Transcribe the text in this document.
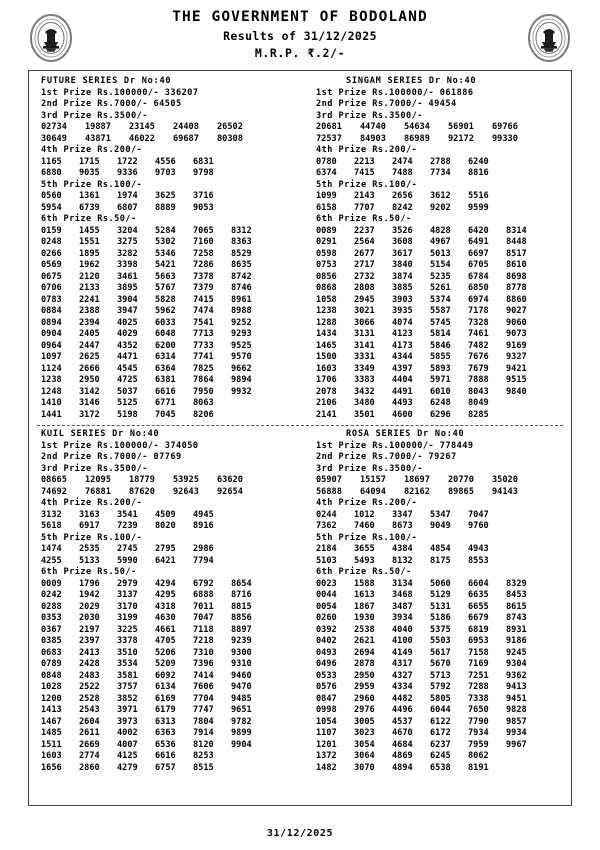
THE GOVERNMENT OF BODOLAND
Results of 31/12/2025
M.R.P. ₹.2/-
FUTURE SERIES Dr No:40
1st Prize Rs.100000/- 336207
2nd Prize Rs.7000/- 64505
3rd Prize Rs.3500/-
02734 19887 23145 24408 26502
30649 43871 46022 69687 80308
4th Prize Rs.200/-
1165 1715 1722 4556 6831
6880 9035 9336 9703 9798
5th Prize Rs.100/-
0560 1361 1974 3625 3716
5954 6739 6807 8889 9053
6th Prize Rs.50/-
0159 1455 3204 5284 7065 8312
0248 1551 3275 5302 7160 8363
0266 1895 3282 5346 7258 8529
0569 1962 3398 5421 7286 8635
0675 2120 3461 5663 7378 8742
0706 2133 3895 5767 7379 8746
0783 2241 3904 5828 7415 8961
0884 2388 3947 5962 7474 8988
0894 2394 4025 6033 7541 9252
0904 2405 4029 6048 7713 9293
0964 2447 4352 6200 7733 9525
1097 2625 4471 6314 7741 9570
1124 2666 4545 6364 7825 9662
1238 2950 4725 6381 7864 9894
1248 3142 5037 6616 7950 9932
1410 3146 5125 6771 8063
1441 3172 5198 7045 8206
SINGAM SERIES Dr No:40
1st Prize Rs.100000/- 061886
2nd Prize Rs.7000/- 49454
3rd Prize Rs.3500/-
20681 44740 54634 56901 69766
72537 84903 86989 92172 99330
4th Prize Rs.200/-
0780 2213 2474 2788 6240
6374 7415 7488 7734 8816
5th Prize Rs.100/-
1099 2143 2656 3612 5516
6158 7707 8242 9202 9599
6th Prize Rs.50/-
0089 2237 3526 4828 6420 8314
0291 2564 3608 4967 6491 8448
0598 2677 3617 5013 6697 8517
0753 2717 3840 5154 6705 8610
0856 2732 3874 5235 6784 8698
0868 2808 3885 5261 6850 8778
1058 2945 3903 5374 6974 8860
1238 3021 3935 5587 7178 9027
1288 3066 4074 5745 7328 9060
1434 3131 4123 5814 7461 9073
1465 3141 4173 5846 7482 9169
1500 3331 4344 5855 7676 9327
1603 3349 4397 5893 7679 9421
1706 3383 4404 5971 7888 9515
2078 3432 4491 6010 8043 9840
2106 3480 4493 6248 8049
2141 3501 4600 6296 8285
KUIL SERIES Dr No:40
1st Prize Rs.100000/- 374050
2nd Prize Rs.7000/- 07769
3rd Prize Rs.3500/-
08665 12095 18779 53925 63620
74692 76881 87620 92643 92654
4th Prize Rs.200/-
3132 3163 3541 4509 4945
5618 6917 7239 8020 8916
5th Prize Rs.100/-
1474 2535 2745 2795 2986
4255 5133 5990 6421 7794
6th Prize Rs.50/-
0009 1796 2979 4294 6792 8654
0242 1942 3137 4295 6888 8716
0288 2029 3170 4318 7011 8815
0353 2030 3199 4630 7047 8856
0367 2197 3225 4661 7118 8897
0385 2397 3378 4705 7218 9239
0683 2413 3510 5206 7310 9300
0789 2428 3534 5209 7396 9310
0848 2483 3581 6092 7414 9460
1028 2522 3757 6134 7606 9470
1200 2528 3852 6169 7704 9485
1413 2543 3971 6179 7747 9651
1467 2604 3973 6313 7804 9782
1485 2611 4002 6363 7914 9899
1511 2669 4007 6536 8120 9904
1603 2774 4125 6616 8253
1656 2860 4279 6757 8515
ROSA SERIES Dr No:40
1st Prize Rs.100000/- 778449
2nd Prize Rs.7000/- 79267
3rd Prize Rs.3500/-
05907 15157 18697 20770 35020
56888 64094 82162 89865 94143
4th Prize Rs.200/-
0244 1012 3347 5347 7047
7362 7460 8673 9049 9760
5th Prize Rs.100/-
2184 3655 4384 4854 4943
5103 5493 8132 8175 8553
6th Prize Rs.50/-
0023 1588 3134 5060 6604 8329
0044 1613 3468 5129 6635 8453
0054 1867 3487 5131 6655 8615
0260 1930 3934 5186 6679 8743
0392 2538 4040 5375 6819 8931
0402 2621 4100 5503 6953 9186
0493 2694 4149 5617 7158 9245
0496 2878 4317 5670 7169 9304
0533 2950 4327 5713 7251 9362
0576 2959 4334 5792 7288 9413
0847 2960 4482 5805 7338 9451
0998 2976 4496 6044 7650 9828
1054 3005 4537 6122 7790 9857
1107 3023 4670 6172 7934 9934
1201 3054 4684 6237 7959 9967
1372 3064 4869 6245 8062
1482 3070 4894 6538 8191
31/12/2025
